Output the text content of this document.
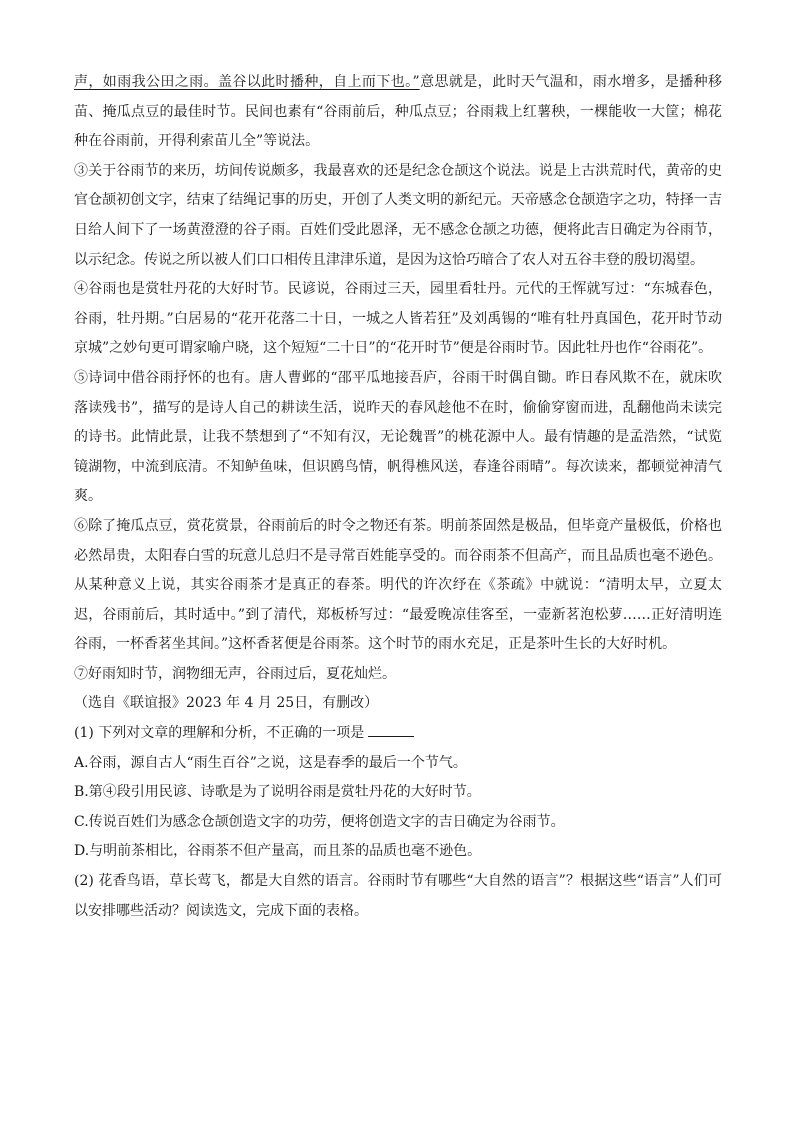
声，如雨我公田之雨。盖谷以此时播种，自上而下也。”意思就是，此时天气温和，雨水增多，是播种移苗、掩瓜点豆的最佳时节。民间也素有“谷雨前后，种瓜点豆；谷雨栽上红薯秧，一棵能收一大筐；棉花种在谷雨前，开得利索苗儿全”等说法。

③关于谷雨节的来历，坊间传说颇多，我最喜欢的还是纪念仓颉这个说法。说是上古洪荒时代，黄帝的史官仓颉初创文字，结束了结绳记事的历史，开创了人类文明的新纪元。天帝感念仓颉造字之功，特择一吉日给人间下了一场黄澄澄的谷子雨。百姓们受此恩泽，无不感念仓颉之功德，便将此吉日确定为谷雨节，以示纪念。传说之所以被人们口口相传且津津乐道，是因为这恰巧暗合了农人对五谷丰登的殷切渴望。

④谷雨也是赏牡丹花的大好时节。民谚说，谷雨过三天，园里看牡丹。元代的王恽就写过：“东城春色，谷雨，牡丹期。”白居易的“花开花落二十日，一城之人皆若狂”及刘禹锡的“唯有牡丹真国色，花开时节动京城”之妙句更可谓家喻户晓，这个短短“二十日”的“花开时节”便是谷雨时节。因此牡丹也作“谷雨花”。

⑤诗词中借谷雨抒怀的也有。唐人曹邺的“邵平瓜地接吾庐，谷雨干时偶自锄。昨日春风欺不在，就床吹落读残书”，描写的是诗人自己的耕读生活，说昨天的春风趁他不在时，偷偷穿窗而进，乱翻他尚未读完的诗书。此情此景，让我不禁想到了“不知有汉，无论魏晋”的桃花源中人。最有情趣的是孟浩然，“试览镜湖物，中流到底清。不知鲈鱼味，但识鸥鸟情，帆得樵风送，春逢谷雨晴”。每次读来，都顿觉神清气爽。

⑥除了掩瓜点豆，赏花赏景，谷雨前后的时令之物还有茶。明前茶固然是极品，但毕竟产量极低，价格也必然昂贵，太阳春白雪的玩意儿总归不是寻常百姓能享受的。而谷雨茶不但高产，而且品质也毫不逊色。从某种意义上说，其实谷雨茶才是真正的春茶。明代的许次纾在《茶疏》中就说：“清明太早，立夏太迟，谷雨前后，其时适中。”到了清代，郑板桥写过：“最爱晚凉佳客至，一壶新茗泡松萝……正好清明连谷雨，一杯香茗坐其间。”这杯香茗便是谷雨茶。这个时节的雨水充足，正是茶叶生长的大好时机。

⑦好雨知时节，润物细无声，谷雨过后，夏花灿烂。

（选自《联谊报》2023 年 4 月 25日，有删改）

(1) 下列对文章的理解和分析，不正确的一项是

A.谷雨，源自古人“雨生百谷”之说，这是春季的最后一个节气。

B.第④段引用民谚、诗歌是为了说明谷雨是赏牡丹花的大好时节。

C.传说百姓们为感念仓颉创造文字的功劳，便将创造文字的吉日确定为谷雨节。

D.与明前茶相比，谷雨茶不但产量高，而且茶的品质也毫不逊色。

(2) 花香鸟语，草长莺飞，都是大自然的语言。谷雨时节有哪些“大自然的语言”？根据这些“语言”人们可以安排哪些活动？阅读选文，完成下面的表格。
